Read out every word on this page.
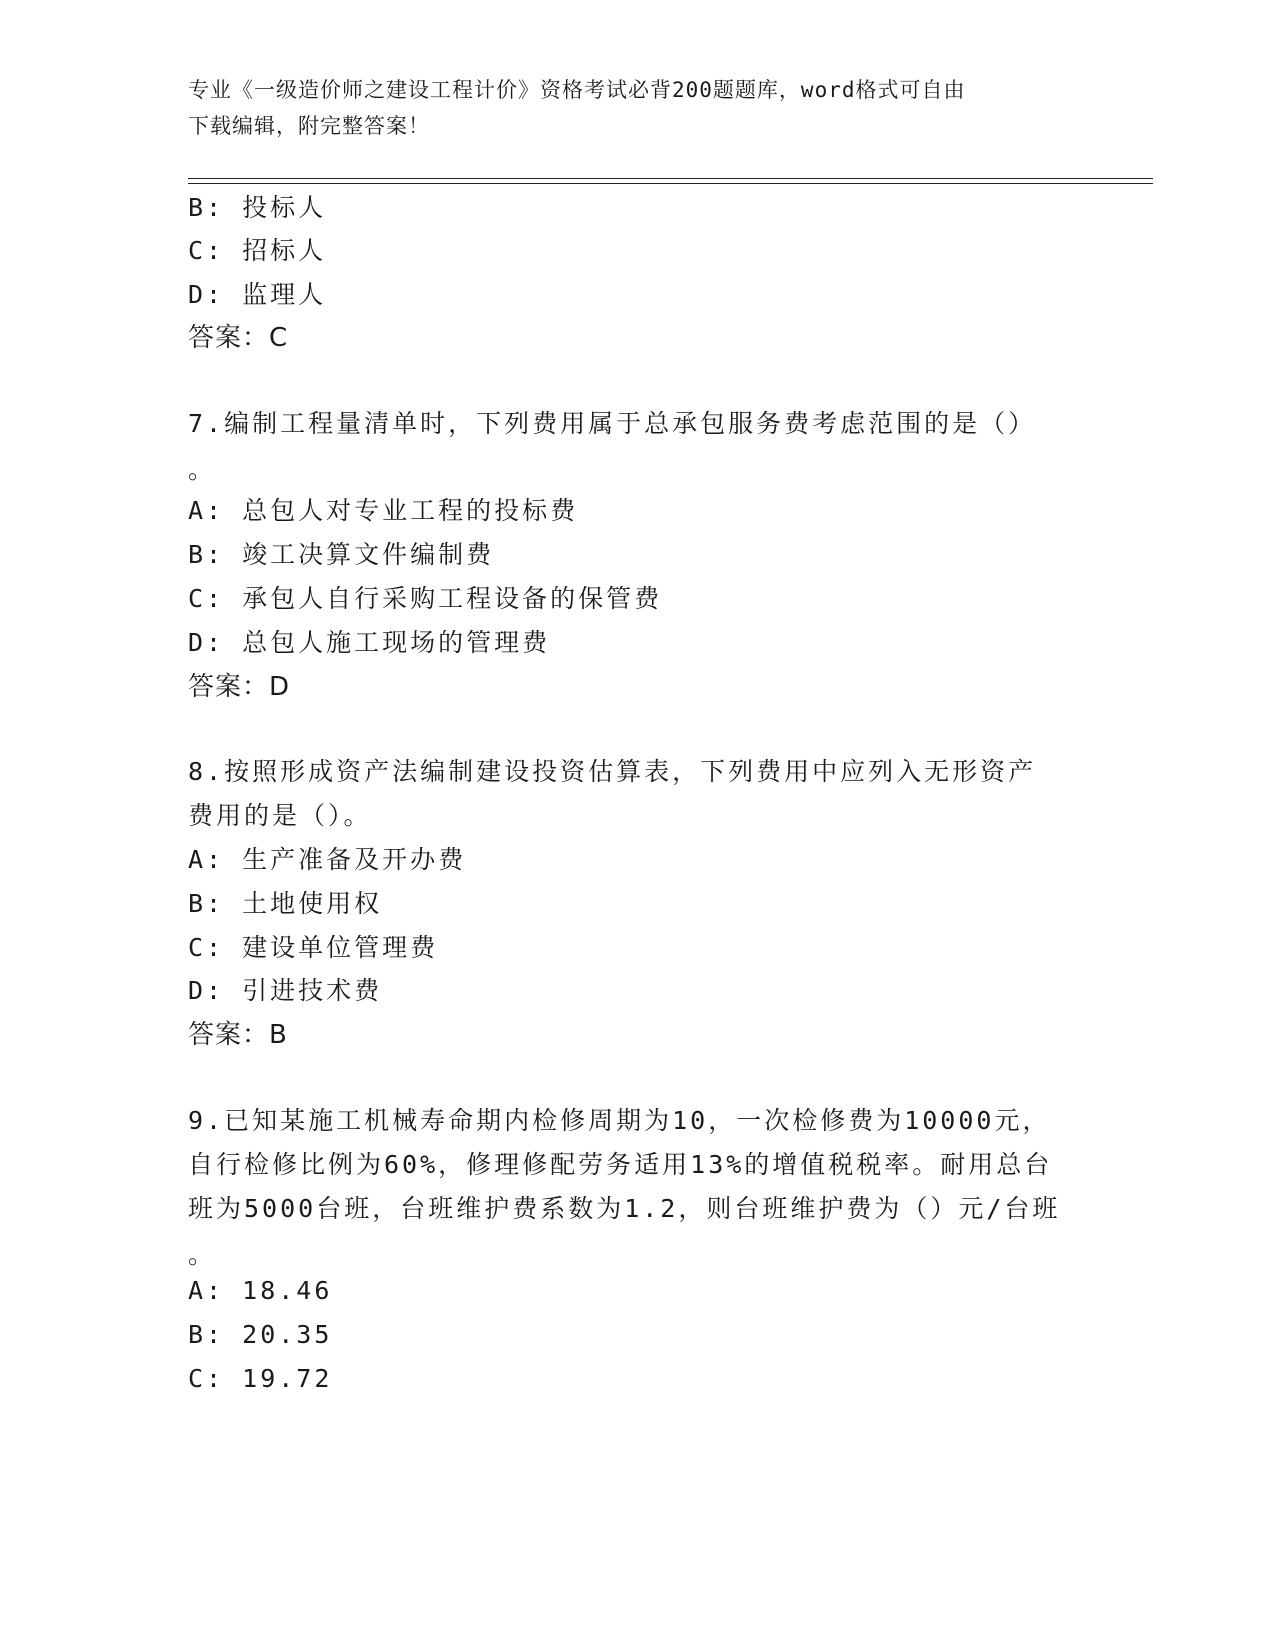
专业《一级造价师之建设工程计价》资格考试必背200题题库，word格式可自由
下载编辑，附完整答案！
B: 投标人
C: 招标人
D: 监理人
答案：C
7.编制工程量清单时，下列费用属于总承包服务费考虑范围的是（）
。
A: 总包人对专业工程的投标费
B: 竣工决算文件编制费
C: 承包人自行采购工程设备的保管费
D: 总包人施工现场的管理费
答案：D
8.按照形成资产法编制建设投资估算表，下列费用中应列入无形资产
费用的是（）。
A: 生产准备及开办费
B: 土地使用权
C: 建设单位管理费
D: 引进技术费
答案：B
9.已知某施工机械寿命期内检修周期为10，一次检修费为10000元，
自行检修比例为60%，修理修配劳务适用13%的增值税税率。耐用总台
班为5000台班，台班维护费系数为1.2，则台班维护费为（）元/台班
。
A: 18.46
B: 20.35
C: 19.72
